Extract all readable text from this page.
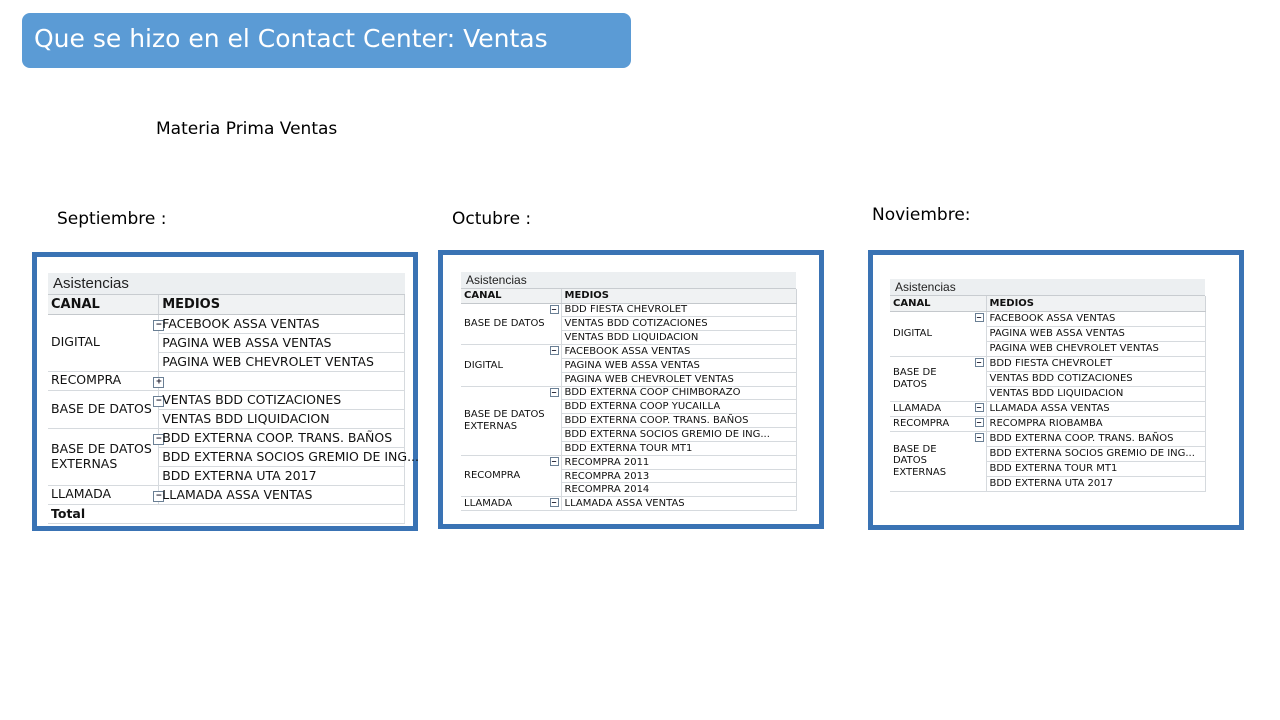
Que se hizo en el Contact Center: Ventas
Materia Prima Ventas
Septiembre :	Octubre :	Noviembre:
Asistencias
CANAL		MEDIOS
DIGITAL	−	FACEBOOK ASSA VENTAS
		PAGINA WEB ASSA VENTAS
		PAGINA WEB CHEVROLET VENTAS
RECOMPRA	+	
BASE DE DATOS	−	VENTAS BDD COTIZACIONES
		VENTAS BDD LIQUIDACION
BASE DE DATOS EXTERNAS	−	BDD EXTERNA COOP. TRANS. BAÑOS
		BDD EXTERNA SOCIOS GREMIO DE ING...
		BDD EXTERNA UTA 2017
LLAMADA	−	LLAMADA ASSA VENTAS
Total		
Asistencias
CANAL		MEDIOS
BASE DE DATOS	−	BDD FIESTA CHEVROLET
		VENTAS BDD COTIZACIONES
		VENTAS BDD LIQUIDACION
DIGITAL	−	FACEBOOK ASSA VENTAS
		PAGINA WEB ASSA VENTAS
		PAGINA WEB CHEVROLET VENTAS
BASE DE DATOS EXTERNAS	−	BDD EXTERNA COOP CHIMBORAZO
		BDD EXTERNA COOP YUCAILLA
		BDD EXTERNA COOP. TRANS. BAÑOS
		BDD EXTERNA SOCIOS GREMIO DE ING...
		BDD EXTERNA TOUR MT1
RECOMPRA	−	RECOMPRA 2011
		RECOMPRA 2013
		RECOMPRA 2014
LLAMADA	−	LLAMADA ASSA VENTAS
Asistencias
CANAL		MEDIOS
DIGITAL	−	FACEBOOK ASSA VENTAS
		PAGINA WEB ASSA VENTAS
		PAGINA WEB CHEVROLET VENTAS
BASE DE DATOS	−	BDD FIESTA CHEVROLET
		VENTAS BDD COTIZACIONES
		VENTAS BDD LIQUIDACION
LLAMADA	−	LLAMADA ASSA VENTAS
RECOMPRA	−	RECOMPRA RIOBAMBA
BASE DE DATOS EXTERNAS	−	BDD EXTERNA COOP. TRANS. BAÑOS
		BDD EXTERNA SOCIOS GREMIO DE ING...
		BDD EXTERNA TOUR MT1
		BDD EXTERNA UTA 2017
